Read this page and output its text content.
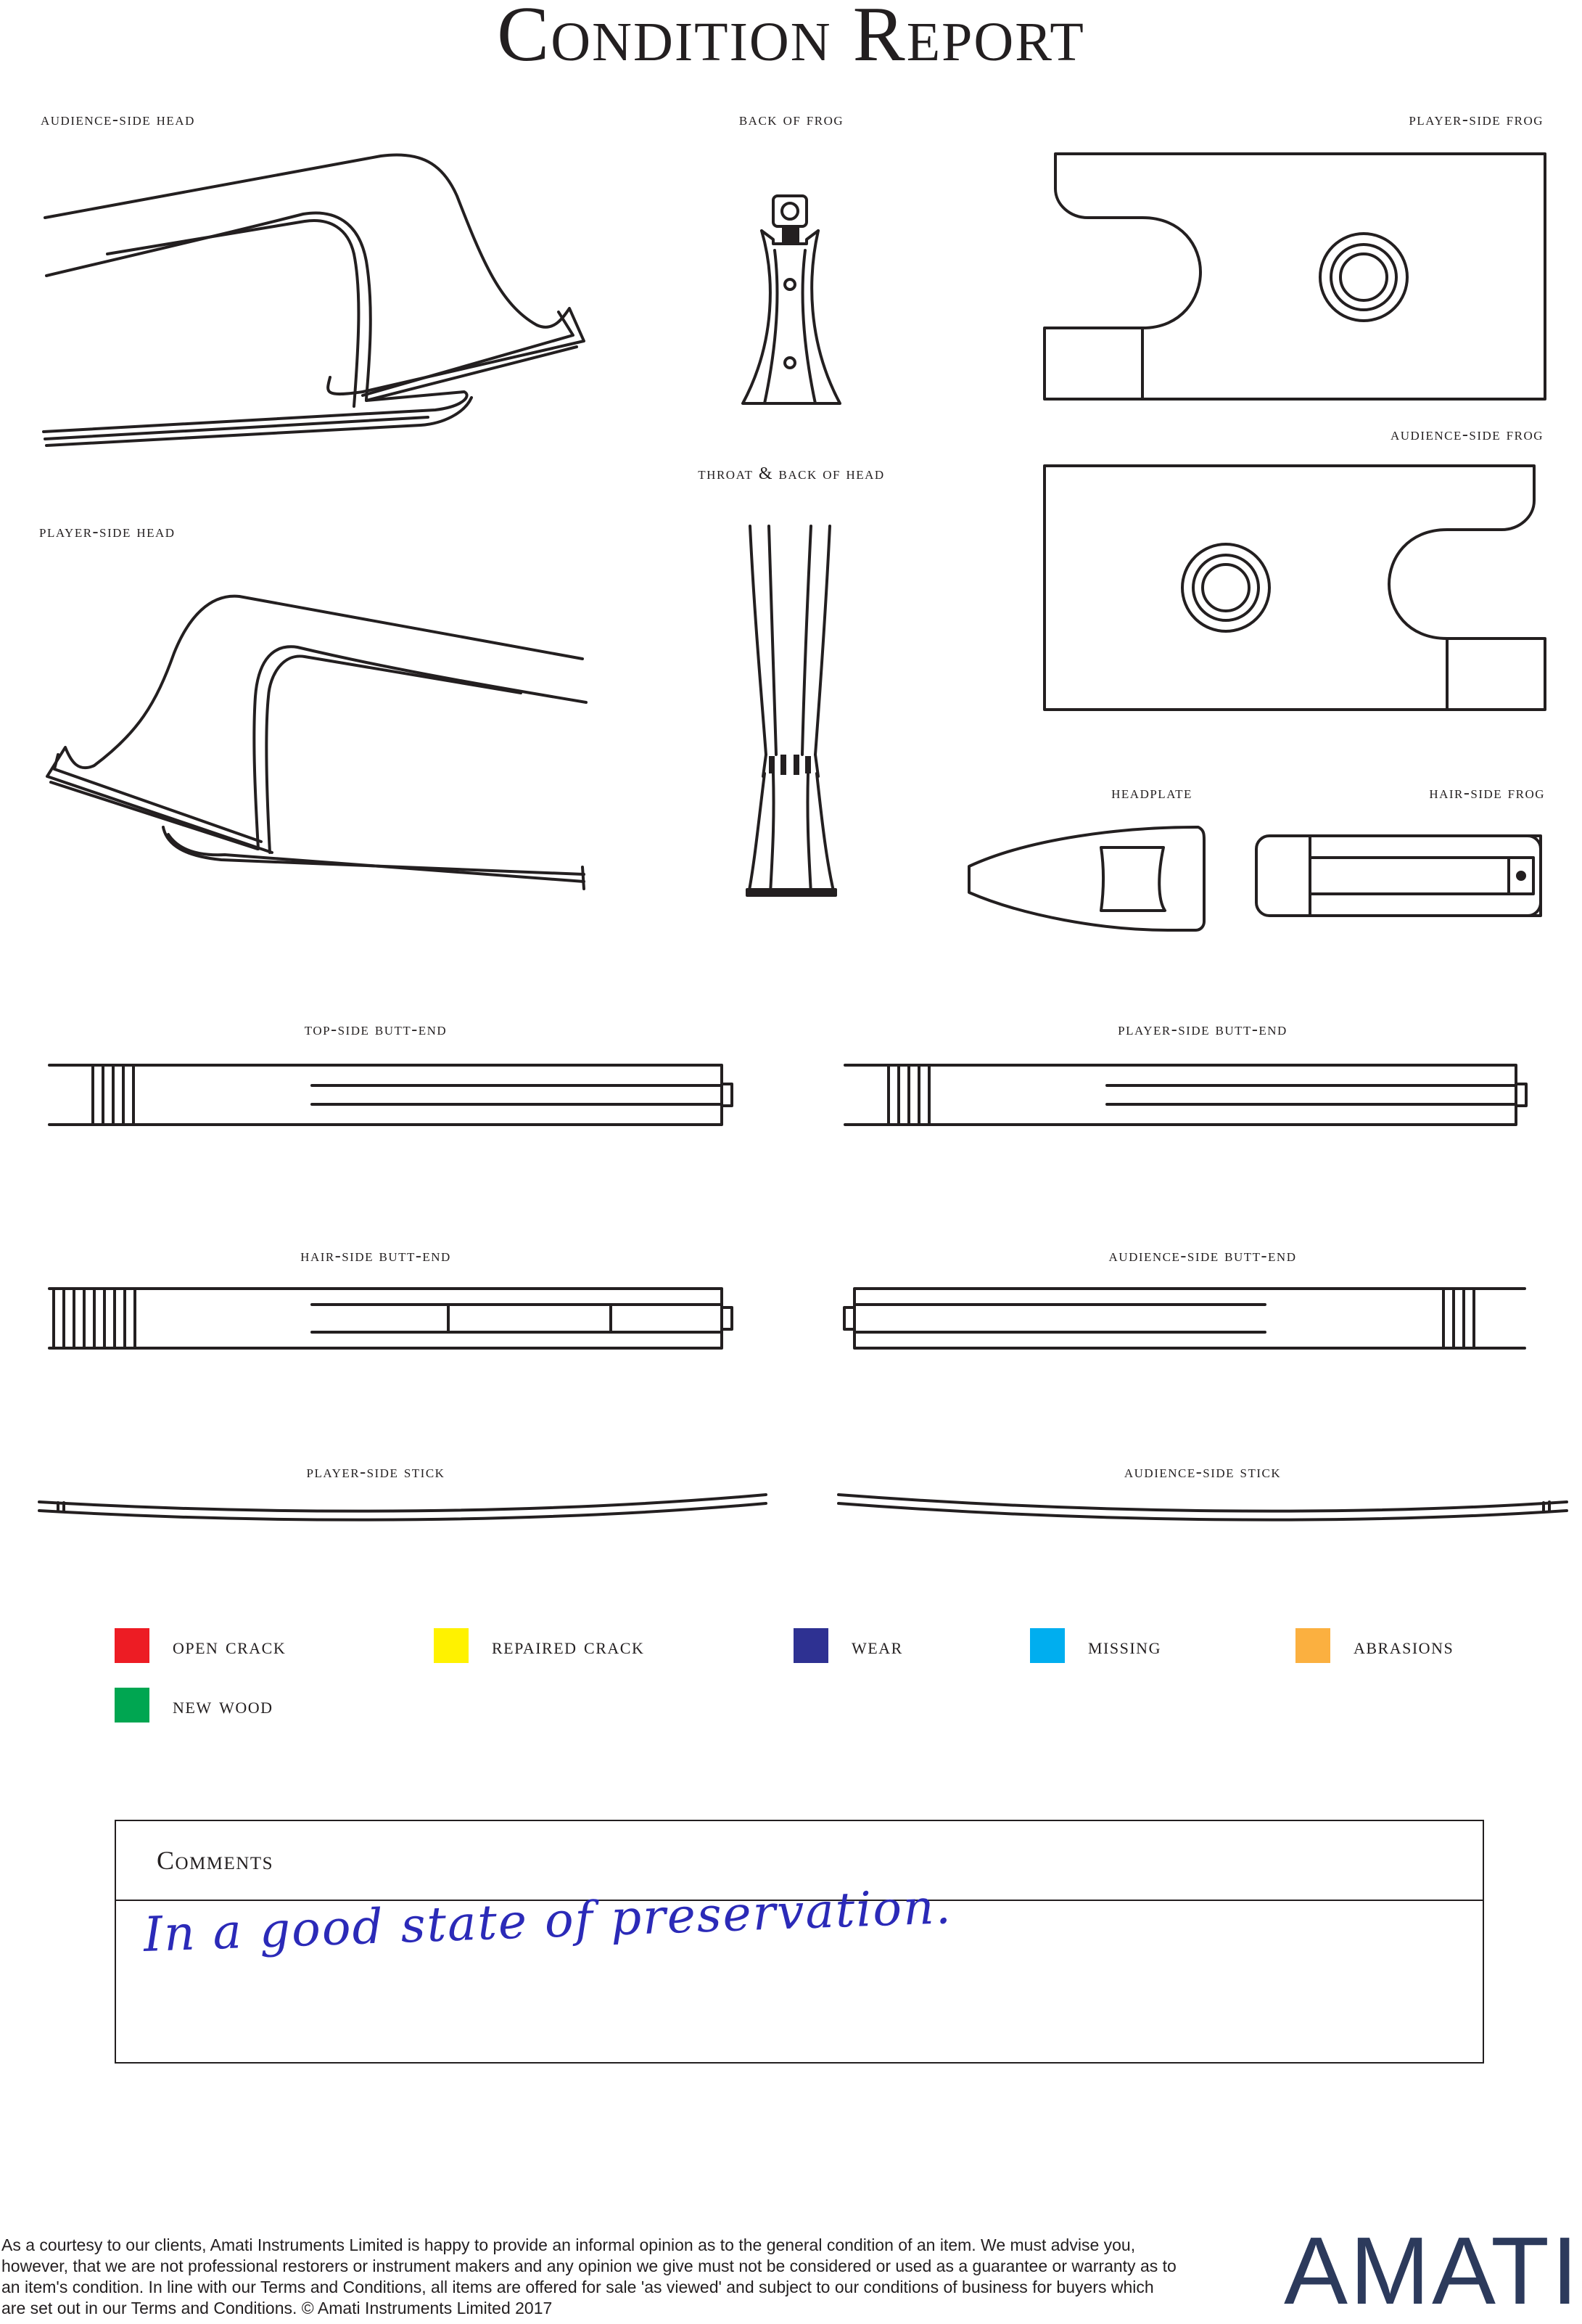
Condition Report
audience-side head	back of frog	player-side frog
audience-side frog
throat & back of head
player-side head
headplate	hair-side frog
top-side butt-end	player-side butt-end
hair-side butt-end	audience-side butt-end
player-side stick	audience-side stick
open crack	repaired crack	wear	missing	abrasions
new wood
Comments
In a good state of preservation.
As a courtesy to our clients, Amati Instruments Limited is happy to provide an informal opinion as to the general condition of an item. We must advise you, however, that we are not professional restorers or instrument makers and any opinion we give must not be considered or used as a guarantee or warranty as to an item's condition. In line with our Terms and Conditions, all items are offered for sale 'as viewed' and subject to our conditions of business for buyers which are set out in our Terms and Conditions. © Amati Instruments Limited 2017	AMATI
